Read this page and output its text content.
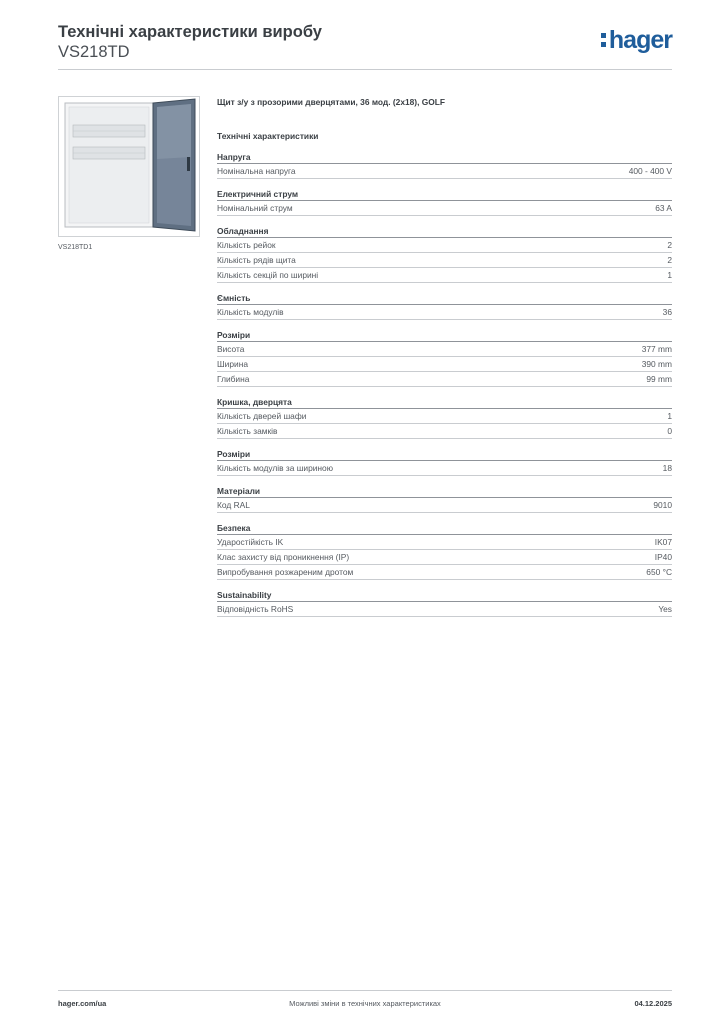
Технічні характеристики виробу
VS218TD	hager
VS218TD1
Щит з/у з прозорими дверцятами, 36 мод. (2x18), GOLF
Технічні характеристики
Напруга
Номінальна напруга	400 - 400 V
Електричний струм
Номінальний струм	63 A
Обладнання
Кількість рейок	2
Кількість рядів щита	2
Кількість секцій по ширині	1
Ємність
Кількість модулів	36
Розміри
Висота	377 mm
Ширина	390 mm
Глибина	99 mm
Кришка, дверцята
Кількість дверей шафи	1
Кількість замків	0
Розміри
Кількість модулів за шириною	18
Матеріали
Код RAL	9010
Безпека
Ударостійкість IK	IK07
Клас захисту від проникнення (IP)	IP40
Випробування розжареним дротом	650 °C
Sustainability
Відповідність RoHS	Yes
hager.com/ua	Можливі зміни в технічних характеристиках	04.12.2025
